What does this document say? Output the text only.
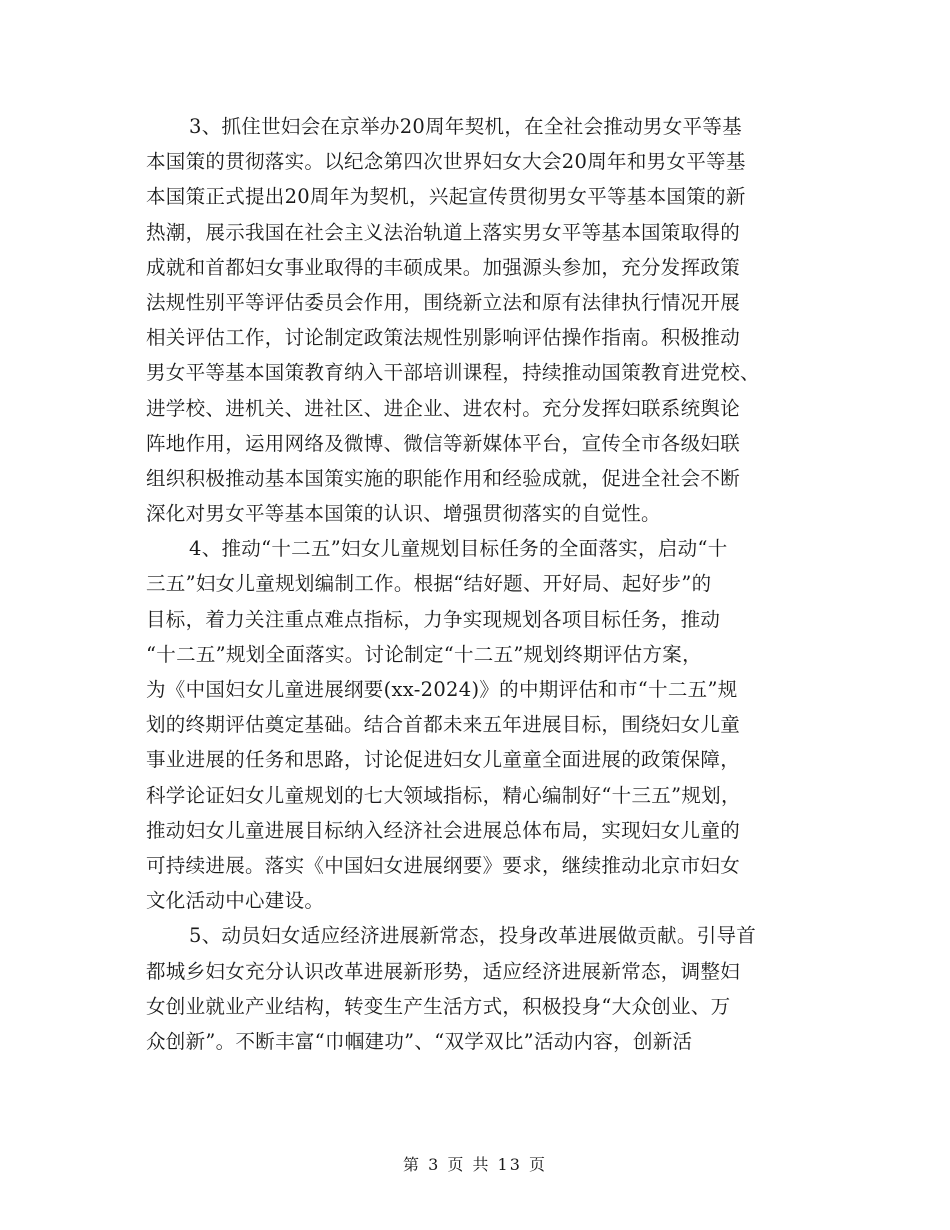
3、抓住世妇会在京举办20周年契机，在全社会推动男女平等基
本国策的贯彻落实。以纪念第四次世界妇女大会20周年和男女平等基
本国策正式提出20周年为契机，兴起宣传贯彻男女平等基本国策的新
热潮，展示我国在社会主义法治轨道上落实男女平等基本国策取得的
成就和首都妇女事业取得的丰硕成果。加强源头参加，充分发挥政策
法规性别平等评估委员会作用，围绕新立法和原有法律执行情况开展
相关评估工作，讨论制定政策法规性别影响评估操作指南。积极推动
男女平等基本国策教育纳入干部培训课程，持续推动国策教育进党校、
进学校、进机关、进社区、进企业、进农村。充分发挥妇联系统舆论
阵地作用，运用网络及微博、微信等新媒体平台，宣传全市各级妇联
组织积极推动基本国策实施的职能作用和经验成就，促进全社会不断
深化对男女平等基本国策的认识、增强贯彻落实的自觉性。
4、推动“十二五”妇女儿童规划目标任务的全面落实，启动“十
三五”妇女儿童规划编制工作。根据“结好题、开好局、起好步”的
目标，着力关注重点难点指标，力争实现规划各项目标任务，推动
“十二五”规划全面落实。讨论制定“十二五”规划终期评估方案，
为《中国妇女儿童进展纲要(xx-2024)》的中期评估和市“十二五”规
划的终期评估奠定基础。结合首都未来五年进展目标，围绕妇女儿童
事业进展的任务和思路，讨论促进妇女儿童童全面进展的政策保障，
科学论证妇女儿童规划的七大领域指标，精心编制好“十三五”规划，
推动妇女儿童进展目标纳入经济社会进展总体布局，实现妇女儿童的
可持续进展。落实《中国妇女进展纲要》要求，继续推动北京市妇女
文化活动中心建设。
5、动员妇女适应经济进展新常态，投身改革进展做贡献。引导首
都城乡妇女充分认识改革进展新形势，适应经济进展新常态，调整妇
女创业就业产业结构，转变生产生活方式，积极投身“大众创业、万
众创新”。不断丰富“巾帼建功”、“双学双比”活动内容，创新活
第 3 页 共 13 页
